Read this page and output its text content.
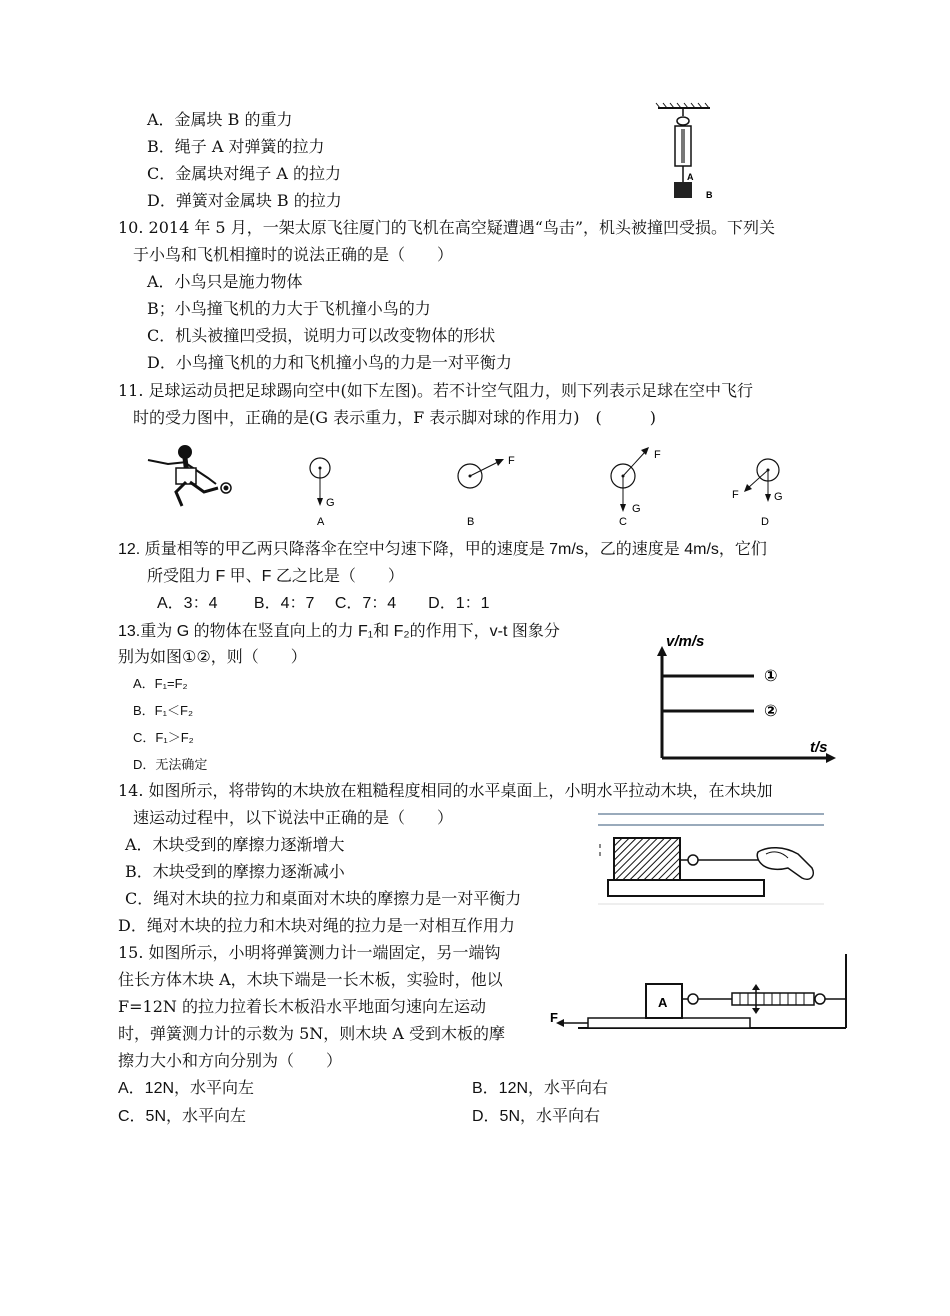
A．金属块 B 的重力
B．绳子 A 对弹簧的拉力
C．金属块对绳子 A 的拉力
D．弹簧对金属块 B 的拉力
A
B
10. 2014 年 5 月，一架太原飞往厦门的飞机在高空疑遭遇“鸟击”，机头被撞凹受损。下列关
于小鸟和飞机相撞时的说法正确的是（　　）
A．小鸟只是施力物体
B；小鸟撞飞机的力大于飞机撞小鸟的力
C．机头被撞凹受损，说明力可以改变物体的形状
D．小鸟撞飞机的力和飞机撞小鸟的力是一对平衡力
11. 足球运动员把足球踢向空中(如下左图)。若不计空气阻力，则下列表示足球在空中飞行
时的受力图中，正确的是(G 表示重力，F 表示脚对球的作用力)　(　　　)
G
A
F
B
F
G
C
F	G
D
12. 质量相等的甲乙两只降落伞在空中匀速下降，甲的速度是 7m/s，乙的速度是 4m/s，它们
所受阻力 F 甲、F 乙之比是（　　）
A．3：4　　 B．4：7　 C．7：4　　D．1：1
13.重为 G 的物体在竖直向上的力 F₁和 F₂的作用下，v-t 图象分
别为如图①②，则（　　）
A．F₁=F₂
B．F₁＜F₂
C．F₁＞F₂
D．无法确定
v/m/s
t/s
①
②
14. 如图所示，将带钩的木块放在粗糙程度相同的水平桌面上，小明水平拉动木块，在木块加
速运动过程中，以下说法中正确的是（　　）
A．木块受到的摩擦力逐渐增大
B．木块受到的摩擦力逐渐减小
C．绳对木块的拉力和桌面对木块的摩擦力是一对平衡力
D．绳对木块的拉力和木块对绳的拉力是一对相互作用力
15. 如图所示，小明将弹簧测力计一端固定，另一端钩
住长方体木块 A，木块下端是一长木板，实验时，他以
F=12N 的拉力拉着长木板沿水平地面匀速向左运动
时，弹簧测力计的示数为 5N，则木块 A 受到木板的摩
擦力大小和方向分别为（　　）
A．12N，水平向左	B．12N，水平向右
C．5N，水平向左	D．5N，水平向右
A
F
